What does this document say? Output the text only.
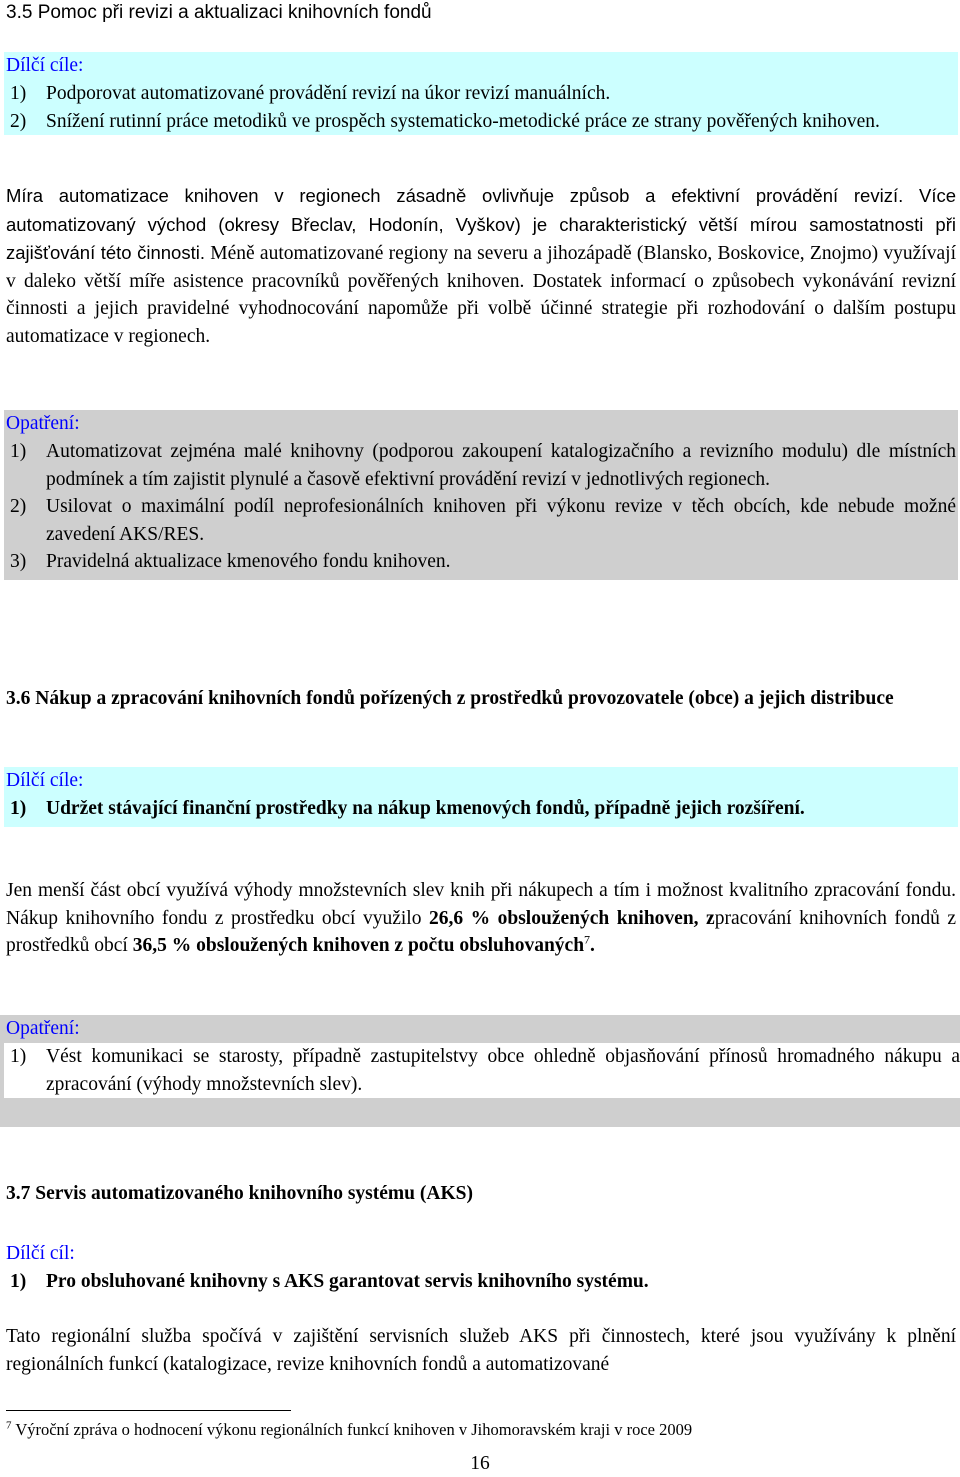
3.5 Pomoc při revizi a aktualizaci knihovních fondů
Dílčí cíle:
1) Podporovat automatizované provádění revizí na úkor revizí manuálních.
2) Snížení rutinní práce metodiků ve prospěch systematicko-metodické práce ze strany pověřených knihoven.
Míra automatizace knihoven v regionech zásadně ovlivňuje způsob a efektivní provádění revizí. Více automatizovaný východ (okresy Břeclav, Hodonín, Vyškov) je charakteristický větší mírou samostatnosti při zajišťování této činnosti. Méně automatizované regiony na severu a jihozápadě (Blansko, Boskovice, Znojmo) využívají v daleko větší míře asistence pracovníků pověřených knihoven. Dostatek informací o způsobech vykonávání revizní činnosti a jejich pravidelné vyhodnocování napomůže při volbě účinné strategie při rozhodování o dalším postupu automatizace v regionech.
Opatření:
1) Automatizovat zejména malé knihovny (podporou zakoupení katalogizačního a revizního modulu) dle místních podmínek a tím zajistit plynulé a časově efektivní provádění revizí v jednotlivých regionech.
2) Usilovat o maximální podíl neprofesionálních knihoven při výkonu revize v těch obcích, kde nebude možné zavedení AKS/RES.
3) Pravidelná aktualizace kmenového fondu knihoven.
3.6 Nákup a zpracování knihovních fondů pořízených z prostředků provozovatele (obce) a jejich distribuce
Dílčí cíle:
1) Udržet stávající finanční prostředky na nákup kmenových fondů, případně jejich rozšíření.
Jen menší část obcí využívá výhody množstevních slev knih při nákupech a tím i možnost kvalitního zpracování fondu. Nákup knihovního fondu z prostředku obcí využilo 26,6 % obsloužených knihoven, zpracování knihovních fondů z prostředků obcí 36,5 % obsloužených knihoven z počtu obsluhovaných$^7$.
Opatření:
1) Vést komunikaci se starosty, případně zastupitelstvy obce ohledně objasňování přínosů hromadného nákupu a zpracování (výhody množstevních slev).
3.7 Servis automatizovaného knihovního systému (AKS)
Dílčí cíl:
1) Pro obsluhované knihovny s AKS garantovat servis knihovního systému.
Tato regionální služba spočívá v zajištění servisních služeb AKS při činnostech, které jsou využívány k plnění regionálních funkcí (katalogizace, revize knihovních fondů a automatizované
$^7$ Výroční zpráva o hodnocení výkonu regionálních funkcí knihoven v Jihomoravském kraji v roce 2009
16
